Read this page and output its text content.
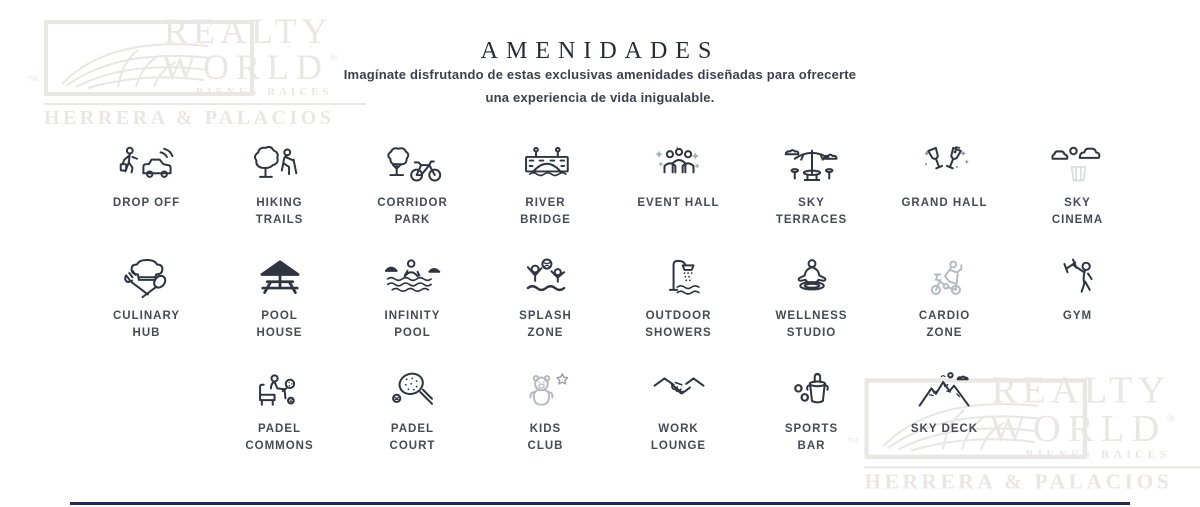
REALTY
WORLD®
BIENES RAICES
TM
HERRERA & PALACIOS
REALTY
WORLD®
BIENES RAICES
TM
HERRERA & PALACIOS
AMENIDADES
Imagínate disfrutando de estas exclusivas amenidades diseñadas para ofrecerte
una experiencia de vida inigualable.
DROP OFF	HIKING
TRAILS
CORRIDOR
PARK
RIVER
BRIDGE
EVENT HALL	SKY
TERRACES
GRAND HALL	SKY
CINEMA
CULINARY
HUB
POOL
HOUSE
INFINITY
POOL
SPLASH
ZONE
OUTDOOR
SHOWERS
WELLNESS
STUDIO
CARDIO
ZONE
GYM
PADEL
COMMONS
PADEL
COURT
KIDS
CLUB
WORK
LOUNGE
SPORTS
BAR
SKY DECK
